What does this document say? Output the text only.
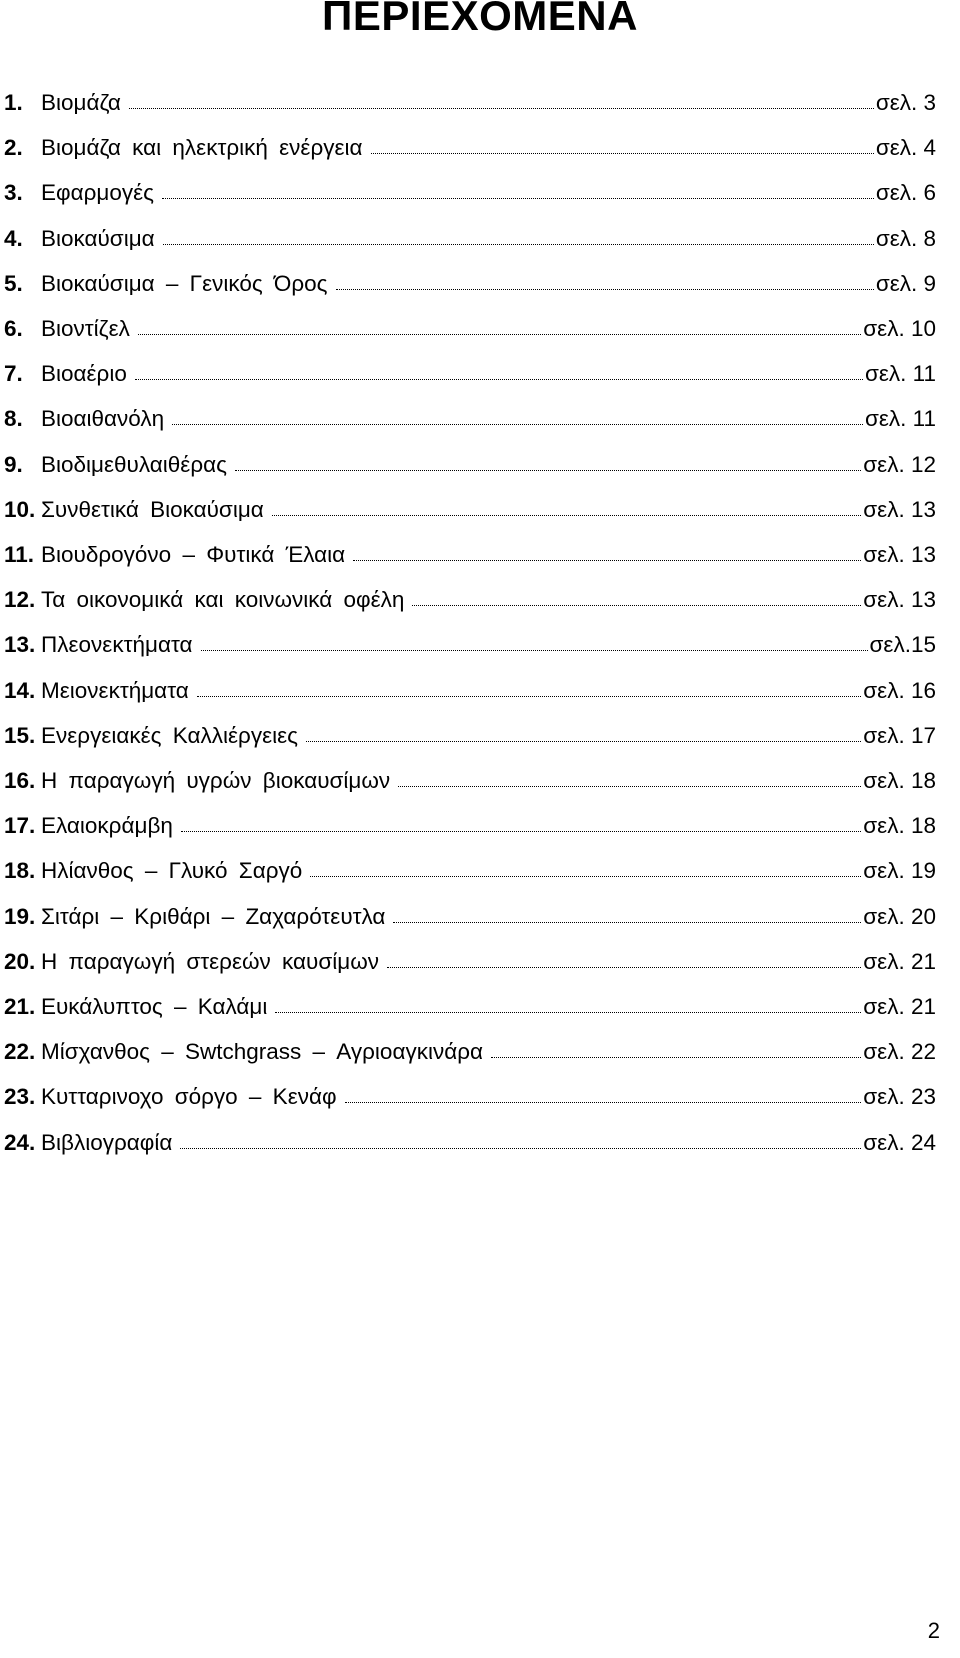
ΠΕΡΙΕΧΟΜΕΝΑ
1. Βιομάζα	σελ. 3
2. Βιομάζα και ηλεκτρική ενέργεια	σελ. 4
3. Εφαρμογές	σελ. 6
4. Βιοκαύσιμα	σελ. 8
5. Βιοκαύσιμα – Γενικός Όρος	σελ. 9
6. Βιοντίζελ	σελ. 10
7. Βιοαέριο	σελ. 11
8. Βιοαιθανόλη	σελ. 11
9. Βιοδιμεθυλαιθέρας	σελ. 12
10. Συνθετικά Βιοκαύσιμα	σελ. 13
11. Βιουδρογόνο – Φυτικά Έλαια	σελ. 13
12. Τα οικονομικά και κοινωνικά οφέλη	σελ. 13
13. Πλεονεκτήματα	σελ.15
14. Μειονεκτήματα	σελ. 16
15. Ενεργειακές Καλλιέργειες	σελ. 17
16. Η παραγωγή υγρών βιοκαυσίμων	σελ. 18
17. Ελαιοκράμβη	σελ. 18
18. Ηλίανθος – Γλυκό Σαργό	σελ. 19
19. Σιτάρι – Κριθάρι – Ζαχαρότευτλα	σελ. 20
20. Η παραγωγή στερεών καυσίμων	σελ. 21
21. Ευκάλυπτος – Καλάμι	σελ. 21
22. Μίσχανθος – Swtchgrass – Αγριοαγκινάρα	σελ. 22
23. Κυτταρινοχο σόργο – Κενάφ	σελ. 23
24. Βιβλιογραφία	σελ. 24
2
